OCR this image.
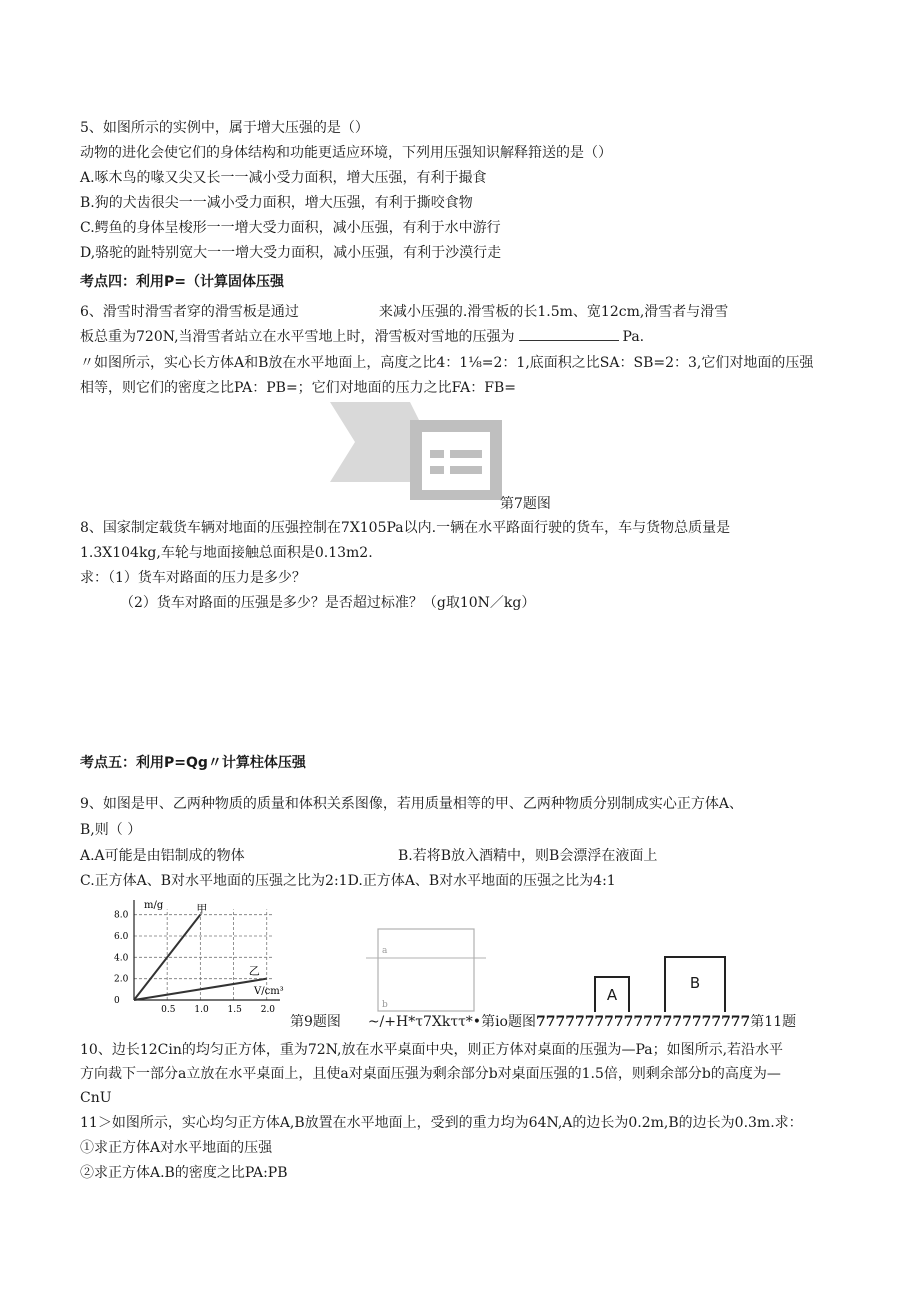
5、如图所示的实例中，属于增大压强的是（）
动物的进化会使它们的身体结构和功能更适应环境，下列用压强知识解释箝送的是（）
A.啄木鸟的喙又尖又长一一减小受力面积，增大压强，有利于撮食
B.狗的犬齿很尖一一减小受力面积，增大压强，有利于撕咬食物
C.鳄鱼的身体呈梭形一一增大受力面积，减小压强，有利于水中游行
D,骆驼的趾特别宽大一一增大受力面积，减小压强，有利于沙漠行走
考点四：利用P=（计算固体压强
6、滑雪时滑雪者穿的滑雪板是通过	来减小压强的.滑雪板的长1.5m、宽12cm,滑雪者与滑雪
板总重为720N,当滑雪者站立在水平雪地上时，滑雪板对雪地的压强为	Pa.
〃如图所示，实心长方体A和B放在水平地面上，高度之比4：1⅛=2：1,底面积之比SA：SB=2：3,它们对地面的压强
相等，则它们的密度之比PA：PB=；它们对地面的压力之比FA：FB=
第7题图
8、国家制定载货车辆对地面的压强控制在7X105Pa以内.一辆在水平路面行驶的货车，车与货物总质量是
1.3X104kg,车轮与地面接触总面积是0.13m2.
求：（1）货车对路面的压力是多少？
（2）货车对路面的压强是多少？是否超过标准？（g取10N／kg）
考点五：利用P=Qg〃计算柱体压强
9、如图是甲、乙两种物质的质量和体积关系图像，若用质量相等的甲、乙两种物质分别制成实心正方体A、
B,则（ ）
A.A可能是由铝制成的物体	B.若将B放入酒精中，则B会漂浮在液面上
C.正方体A、B对水平地面的压强之比为2:1D.正方体A、B对水平地面的压强之比为4:1
0.5 1.0 1.5 2.0
0
2.0
4.0
6.0
8.0
m/g
V/cm³
甲
乙
a
b
A
B
第9题图 ~/+H*τ7Xkττ*•第io题图7777777777777777777777第11题
10、边长12Cin的均匀正方体，重为72N,放在水平桌面中央，则正方体对桌面的压强为—Pa；如图所示,若沿水平
方向裁下一部分a立放在水平桌面上，且使a对桌面压强为剩余部分b对桌面压强的1.5倍，则剩余部分b的高度为—
CnU
11＞如图所示，实心均匀正方体A,B放置在水平地面上，受到的重力均为64N,A的边长为0.2m,B的边长为0.3m.求：
①求正方体A对水平地面的压强
②求正方体A.B的密度之比PA:PB
